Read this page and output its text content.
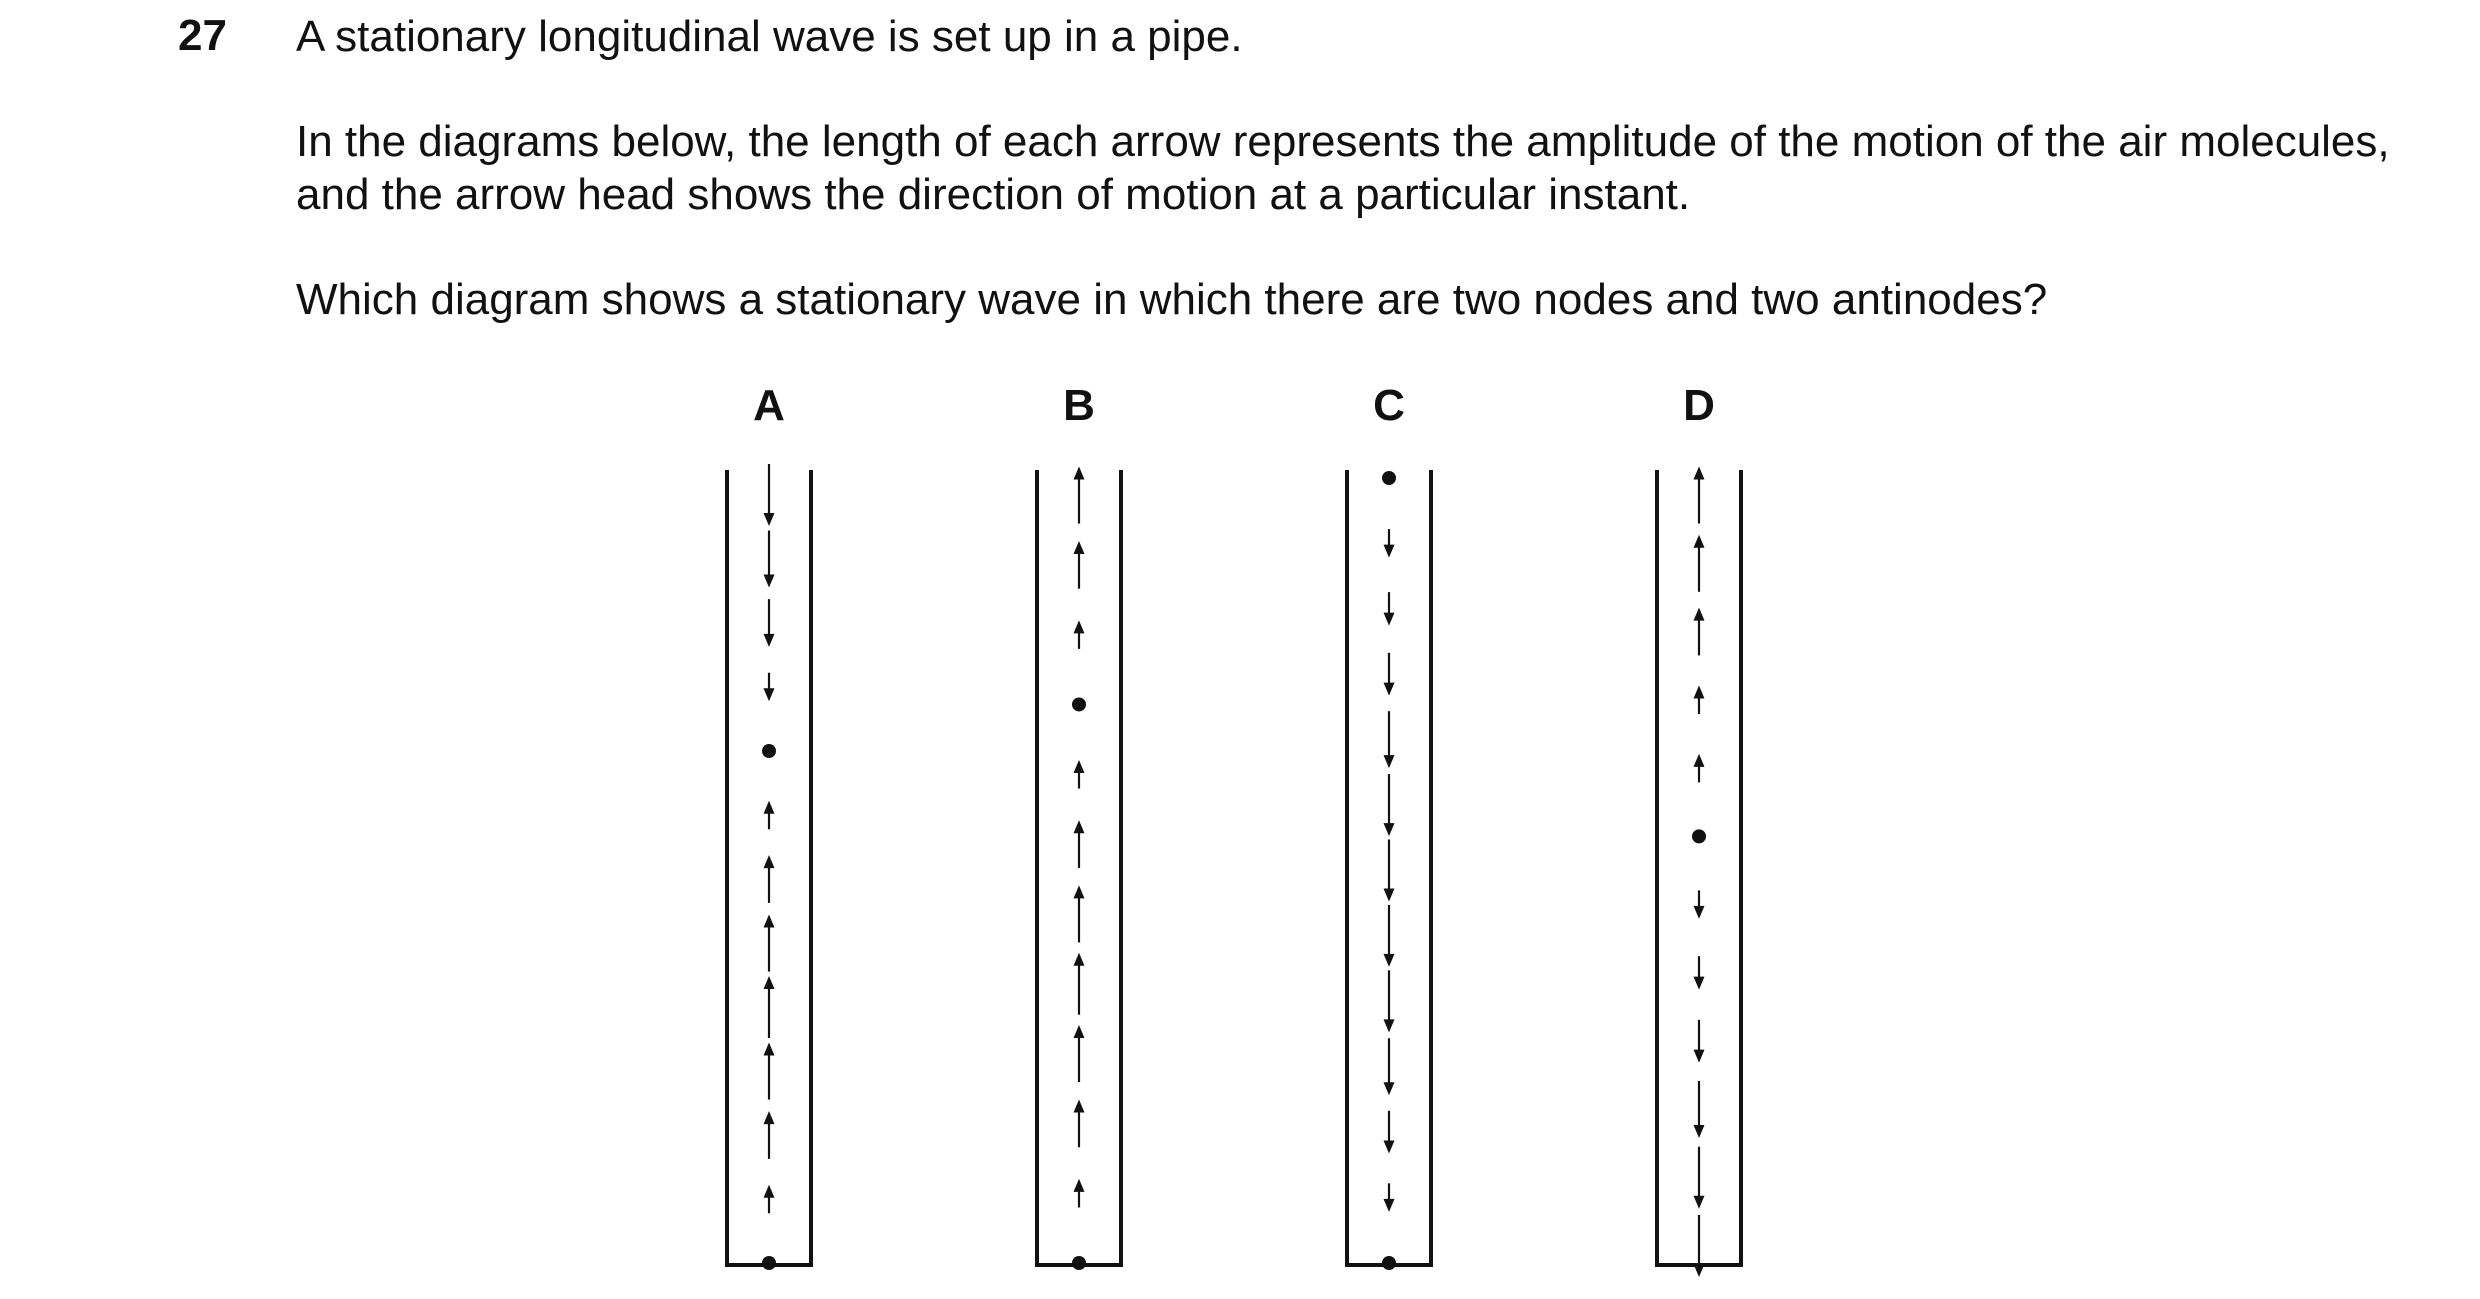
27 A stationary longitudinal wave is set up in a pipe.
In the diagrams below, the length of each arrow represents the amplitude of the motion of the air molecules, and the arrow head shows the direction of motion at a particular instant.
Which diagram shows a stationary wave in which there are two nodes and two antinodes?
A	B	C	D
